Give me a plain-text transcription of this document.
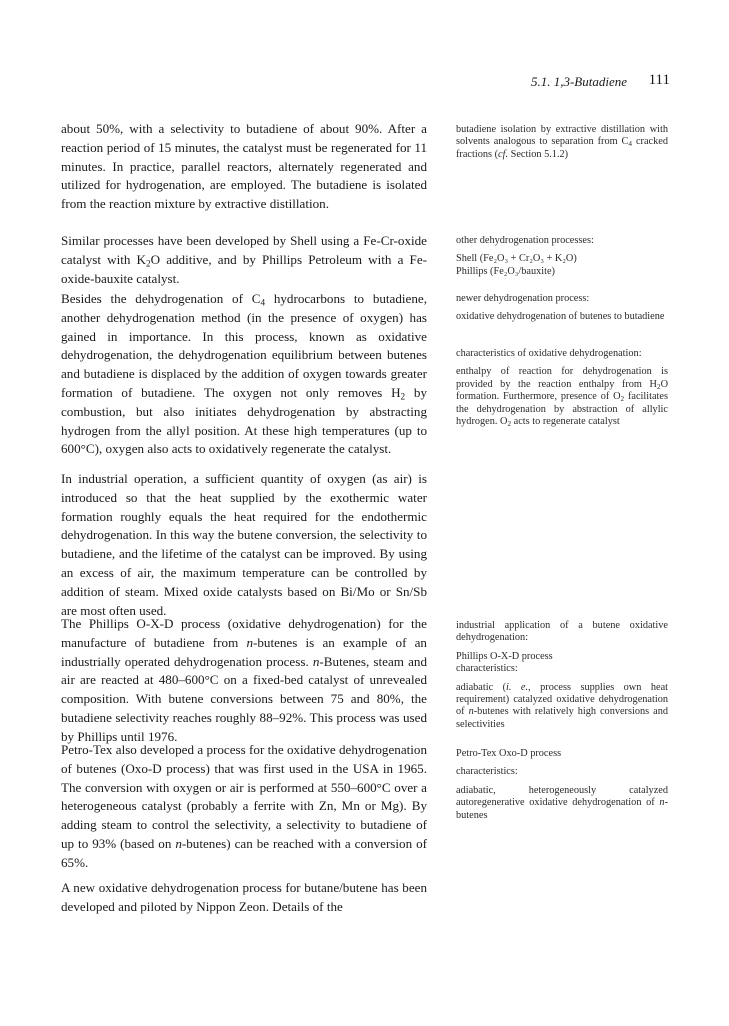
5.1. 1,3-Butadiene 111

about 50%, with a selectivity to butadiene of about 90%. After a reaction period of 15 minutes, the catalyst must be regenerated for 11 minutes. In practice, parallel reactors, alternately regenerated and utilized for hydrogenation, are employed. The butadiene is isolated from the reaction mixture by extractive distillation.

Similar processes have been developed by Shell using a Fe-Cr-oxide catalyst with $K_2O$ additive, and by Phillips Petroleum with a Fe-oxide-bauxite catalyst.

Besides the dehydrogenation of $C_4$ hydrocarbons to butadiene, another dehydrogenation method (in the presence of oxygen) has gained in importance. In this process, known as oxidative dehydrogenation, the dehydrogenation equilibrium between butenes and butadiene is displaced by the addition of oxygen towards greater formation of butadiene. The oxygen not only removes $H_2$ by combustion, but also initiates dehydrogenation by abstracting hydrogen from the allyl position. At these high temperatures (up to 600°C), oxygen also acts to oxidatively regenerate the catalyst.

In industrial operation, a sufficient quantity of oxygen (as air) is introduced so that the heat supplied by the exothermic water formation roughly equals the heat required for the endothermic dehydrogenation. In this way the butene conversion, the selectivity to butadiene, and the lifetime of the catalyst can be improved. By using an excess of air, the maximum temperature can be controlled by addition of steam. Mixed oxide catalysts based on Bi/Mo or Sn/Sb are most often used.

The Phillips O-X-D process (oxidative dehydrogenation) for the manufacture of butadiene from n-butenes is an example of an industrially operated dehydrogenation process. n-Butenes, steam and air are reacted at 480–600°C on a fixed-bed catalyst of unrevealed composition. With butene conversions between 75 and 80%, the butadiene selectivity reaches roughly 88–92%. This process was used by Phillips until 1976.

Petro-Tex also developed a process for the oxidative dehydrogenation of butenes (Oxo-D process) that was first used in the USA in 1965. The conversion with oxygen or air is performed at 550–600°C over a heterogeneous catalyst (probably a ferrite with Zn, Mn or Mg). By adding steam to control the selectivity, a selectivity to butadiene of up to 93% (based on n-butenes) can be reached with a conversion of 65%.

A new oxidative dehydrogenation process for butane/butene has been developed and piloted by Nippon Zeon. Details of the

butadiene isolation by extractive distillation with solvents analogous to separation from $C_4$ cracked fractions (cf. Section 5.1.2)

other dehydrogenation processes:

Shell (Fe₂O₃ + Cr₂O₃ + K₂O)

Phillips (Fe₂O₃/bauxite)

newer dehydrogenation process:

oxidative dehydrogenation of butenes to butadiene

characteristics of oxidative dehydrogenation:

enthalpy of reaction for dehydrogenation is provided by the reaction enthalpy from $H_2O$ formation. Furthermore, presence of $O_2$ facilitates the dehydrogenation by abstraction of allylic hydrogen. $O_2$ acts to regenerate catalyst

industrial application of a butene oxidative dehydrogenation:

Phillips O-X-D process

characteristics:

adiabatic (i. e., process supplies own heat requirement) catalyzed oxidative dehydrogenation of n-butenes with relatively high conversions and selectivities

Petro-Tex Oxo-D process

characteristics:

adiabatic, heterogeneously catalyzed autoregenerative oxidative dehydrogenation of n-butenes
